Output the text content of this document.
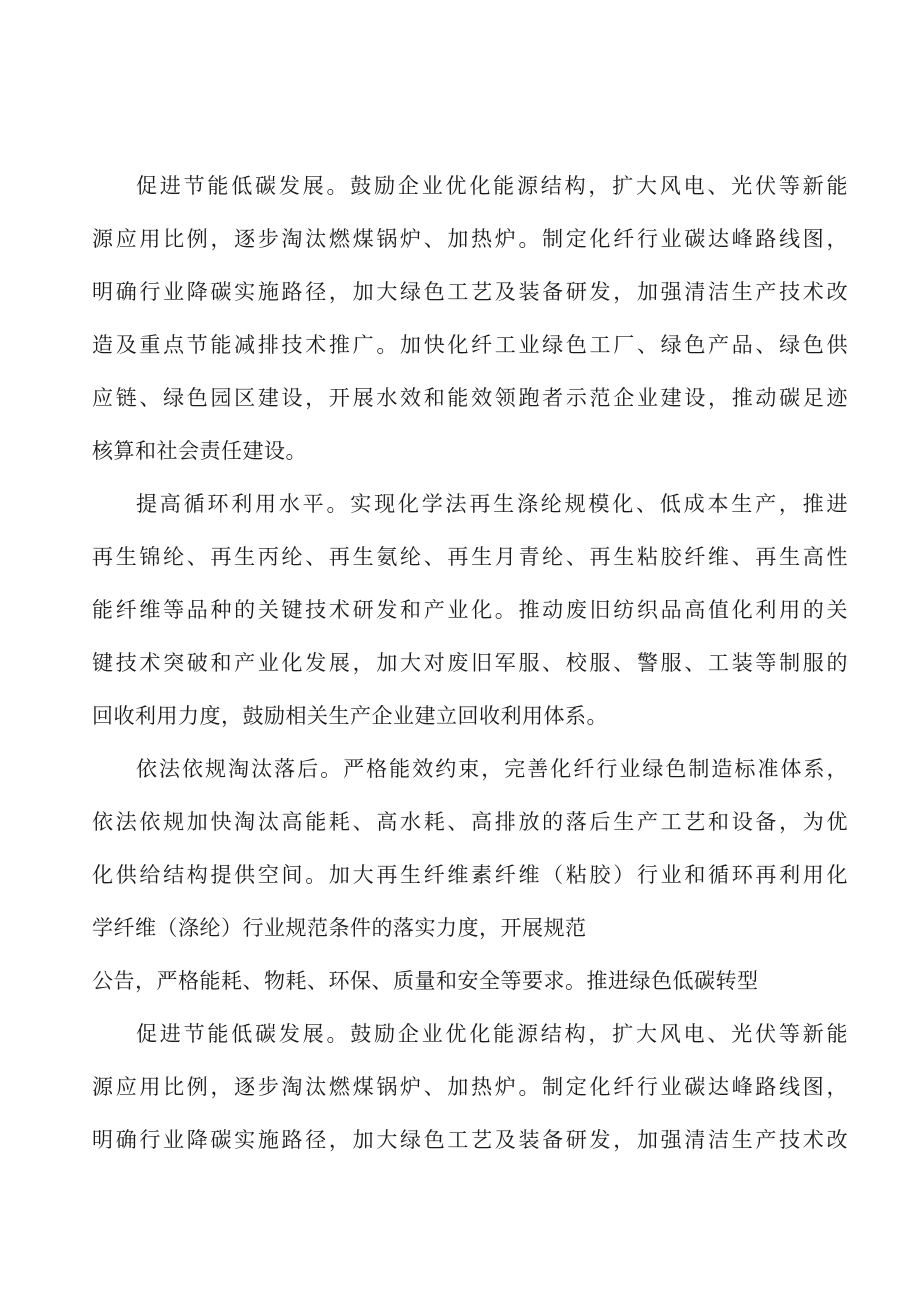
促进节能低碳发展。鼓励企业优化能源结构，扩大风电、光伏等新能
源应用比例，逐步淘汰燃煤锅炉、加热炉。制定化纤行业碳达峰路线图，
明确行业降碳实施路径，加大绿色工艺及装备研发，加强清洁生产技术改
造及重点节能减排技术推广。加快化纤工业绿色工厂、绿色产品、绿色供
应链、绿色园区建设，开展水效和能效领跑者示范企业建设，推动碳足迹
核算和社会责任建设。
提高循环利用水平。实现化学法再生涤纶规模化、低成本生产，推进
再生锦纶、再生丙纶、再生氨纶、再生月青纶、再生粘胶纤维、再生高性
能纤维等品种的关键技术研发和产业化。推动废旧纺织品高值化利用的关
键技术突破和产业化发展，加大对废旧军服、校服、警服、工装等制服的
回收利用力度，鼓励相关生产企业建立回收利用体系。
依法依规淘汰落后。严格能效约束，完善化纤行业绿色制造标准体系，
依法依规加快淘汰高能耗、高水耗、高排放的落后生产工艺和设备，为优
化供给结构提供空间。加大再生纤维素纤维（粘胶）行业和循环再利用化
学纤维（涤纶）行业规范条件的落实力度，开展规范
公告，严格能耗、物耗、环保、质量和安全等要求。推进绿色低碳转型
促进节能低碳发展。鼓励企业优化能源结构，扩大风电、光伏等新能
源应用比例，逐步淘汰燃煤锅炉、加热炉。制定化纤行业碳达峰路线图，
明确行业降碳实施路径，加大绿色工艺及装备研发，加强清洁生产技术改
